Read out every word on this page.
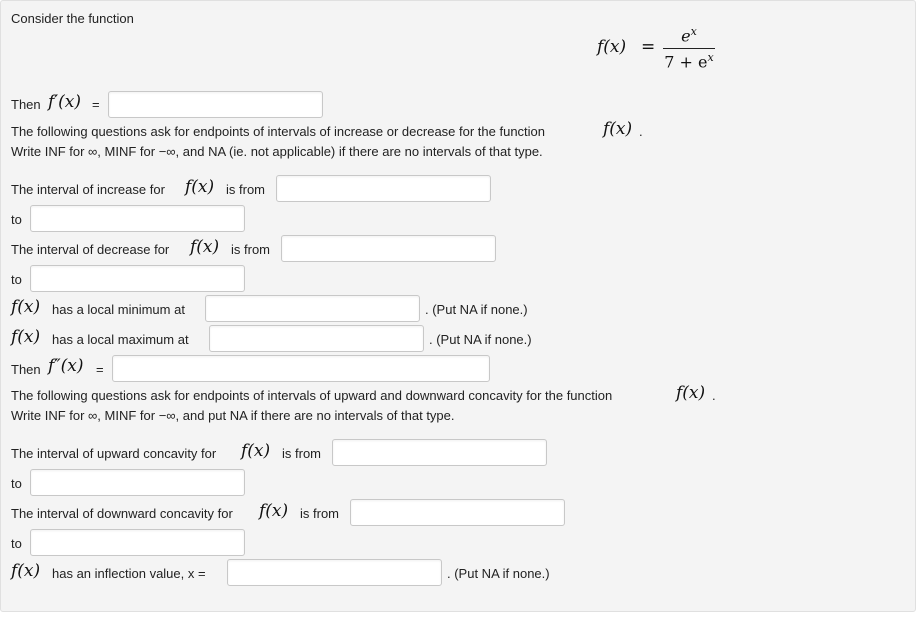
Consider the function
f(x) =
$e^x$
$7 + e^x$
Then f′(x) =
The following questions ask for endpoints of intervals of increase or decrease for the function	f(x) .
Write INF for ∞, MINF for −∞, and NA (ie. not applicable) if there are no intervals of that type.
The interval of increase for f(x) is from
to
The interval of decrease for f(x) is from
to
f(x) has a local minimum at	. (Put NA if none.)
f(x) has a local maximum at	. (Put NA if none.)
Then f″(x) =
The following questions ask for endpoints of intervals of upward and downward concavity for the function	f(x) .
Write INF for ∞, MINF for −∞, and put NA if there are no intervals of that type.
The interval of upward concavity for f(x) is from
to
The interval of downward concavity for f(x) is from
to
f(x) has an inflection value, x =	. (Put NA if none.)
